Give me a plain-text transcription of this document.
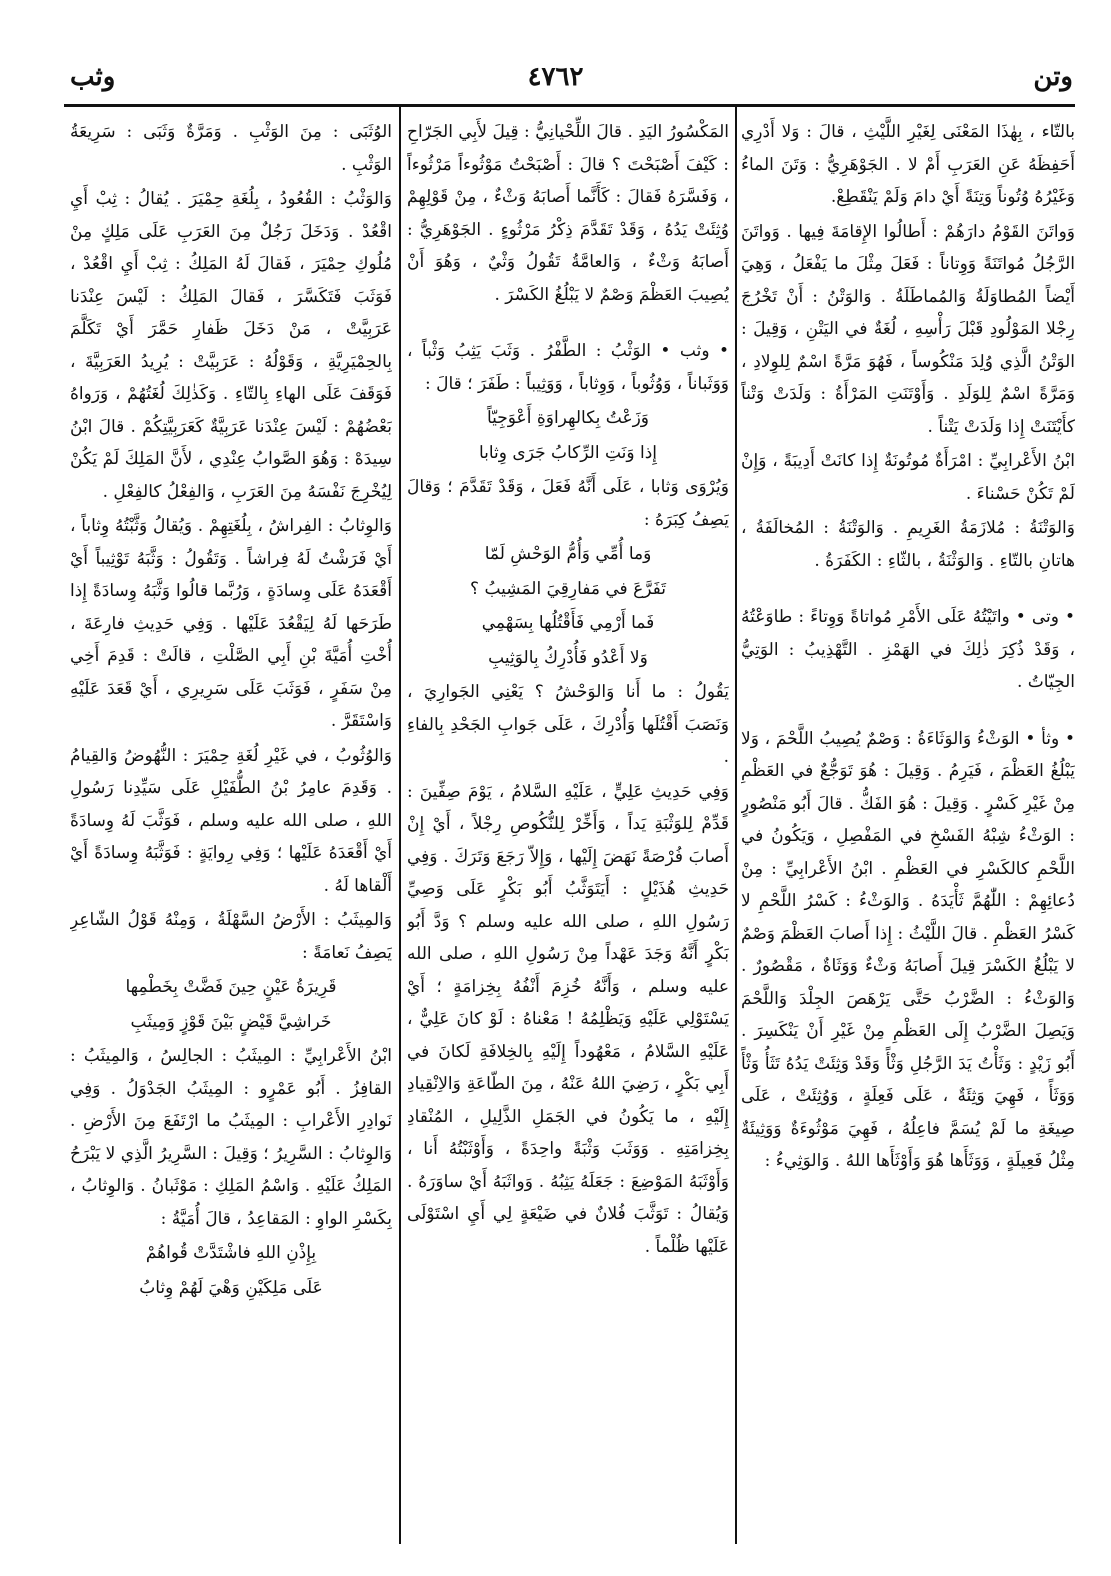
وتن
٤٧٦٢
وثب

بالتّاء ، بِهٰذَا المَعْنَى لِغَيْرِ اللَّيْثِ ، قالَ : وَلا أَدْرِي أَحَفِظَهُ عَنِ العَرَبِ أَمْ لا . الجَوْهَرِيُّ : وَتَنَ الماءُ وَغَيْرُهُ وُتُوناً وَتِنَةً أَيْ دامَ وَلَمْ يَنْقَطِعْ.

وَواتَنَ القَوْمُ دارَهُمْ : أَطالُوا الإِقامَةَ فِيها . وَواتَنَ الرَّجُلُ مُواتَنَةً وَوِتاناً : فَعَلَ مِثْلَ ما يَفْعَلُ ، وَهِيَ أَيْضاً المُطاوَلَةُ وَالمُماطَلَةُ . وَالوَتْنُ : أَنْ تَخْرُجَ رِجْلا المَوْلُودِ قَبْلَ رَأْسِهِ ، لُغَةٌ في اليَتْنِ ، وَقِيلَ : الوَتْنُ الَّذِي وُلِدَ مَنْكُوساً ، فَهُوَ مَرَّةً اسْمٌ لِلوِلادِ ، وَمَرَّةً اسْمٌ لِلوَلَدِ . وَأَوْتَنَتِ المَرْأَةُ : وَلَدَتْ وَتْناً كأَيْتَنَتْ إِذا وَلَدَتْ يَتْناً .

ابْنُ الأَعْرابِيِّ : امْرَأَةٌ مُوتُونَةٌ إِذا كانَتْ أَدِيبَةً ، وَإِنْ لَمْ تَكُنْ حَسْناءَ .

وَالوَتْنَةُ : مُلازَمَةُ الغَرِيمِ . وَالوَتْنَةُ : المُخالَفَةُ ، هاتانِ بالتّاءِ . وَالوَثْنَةُ ، بالثّاءِ : الكَفَرَةُ .

• وتى • واتَيْتُهُ عَلَى الأَمْرِ مُواتاةً وَوِتاءً : طاوَعْتُهُ ، وَقَدْ ذُكِرَ ذٰلِكَ في الهَمْزِ . التَّهْذِيبُ : الوَتِيُّ الجِيّاتُ .

• وثأ • الوَثْءُ وَالوَثَاءَةُ : وَصْمٌ يُصِيبُ اللَّحْمَ ، وَلا يَبْلُغُ العَظْمَ ، فَيَرِمُ . وَقِيلَ : هُوَ تَوَجُّعٌ في العَظْمِ مِنْ غَيْرِ كَسْرٍ . وَقِيلَ : هُوَ الفَكُّ . قالَ أَبُو مَنْصُورٍ : الوَثْءُ شِبْهُ الفَسْخِ في المَفْصِلِ ، وَيَكُونُ في اللَّحْمِ كالكَسْرِ في العَظْمِ . ابْنُ الأَعْرابِيِّ : مِنْ دُعائِهِمْ : اللّٰهُمَّ ثَأْيَدَهُ . وَالوَثْءُ : كَسْرُ اللَّحْمِ لا كَسْرُ العَظْمِ . قالَ اللَّيْثُ : إِذا أَصابَ العَظْمَ وَصْمٌ لا يَبْلُغُ الكَسْرَ قِيلَ أَصابَهُ وَثْءٌ وَوَثَاةٌ ، مَقْصُورٌ . وَالوَثْءُ : الضَّرْبُ حَتَّى يَرْهَصَ الجِلْدَ وَاللَّحْمَ وَيَصِلَ الضَّرْبُ إِلَى العَظْمِ مِنْ غَيْرِ أَنْ يَنْكَسِرَ . أَبُو زَيْدٍ : وَثَأْتُ يَدَ الرَّجُلِ وَثْأً وَقَدْ وَثِئَتْ يَدُهُ تَثَأُ وَثْأً وَوَثَأً ، فَهِيَ وَثِئَةٌ ، عَلَى فَعِلَةٍ ، وَوُثِئَتْ ، عَلَى صِيغَةِ ما لَمْ يُسَمَّ فاعِلُهُ ، فَهِيَ مَوْثُوءَةٌ وَوَثِيئَةٌ مِثْلُ فَعِيلَةٍ ، وَوَثَأَها هُوَ وَأَوْثَأَها اللهُ . وَالوَثِيءُ :

المَكْسُورُ اليَدِ . قالَ اللِّحْيانِيُّ : قِيلَ لأَبِي الجَرّاحِ : كَيْفَ أَصْبَحْتَ ؟ قالَ : أَصْبَحْتُ مَوْثُوءاً مَرْثُوءاً ، وَفَسَّرَهُ فَقالَ : كَأَنَّما أَصابَهُ وَثْءٌ ، مِنْ قَوْلِهِمْ وُثِئَتْ يَدُهُ ، وَقَدْ تَقَدَّمَ ذِكْرُ مَرْثُوءٍ . الجَوْهَرِيُّ : أَصابَهُ وَثْءٌ ، وَالعامَّةُ تَقُولُ وَثْيٌ ، وَهُوَ أَنْ يُصِيبَ العَظْمَ وَصْمٌ لا يَبْلُغُ الكَسْرَ .

• وثب • الوَثْبُ : الطَّفْرُ . وَثَبَ يَثِبُ وَثْباً ، وَوَثَباناً ، وَوُثُوباً ، وَوِثاباً ، وَوَثِيباً : طَفَرَ ؛ قالَ :

وَزَعْتُ بِكالهِراوَةِ أَعْوَجِيّاً

إِذا وَنَتِ الرِّكابُ جَرَى وِثابا

وَيُرْوَى وَثابا ، عَلَى أَنَّهُ فَعَلَ ، وَقَدْ تَقَدَّمَ ؛ وَقالَ يَصِفُ كِبَرَهُ :

وَما أُمِّي وَأُمُّ الوَحْشِ لَمّا

تَفَرَّعَ في مَفارِقِيَ المَشِيبُ ؟

فَما أَرْمِي فَأَقْتُلُها بِسَهْمِي

وَلا أَعْدُو فَأُدْرِكُ بِالوَثِيبِ

يَقُولُ : ما أَنا وَالوَحْشُ ؟ يَعْنِي الجَوارِيَ ، وَنَصَبَ أَقْتُلَها وَأُدْرِكَ ، عَلَى جَوابِ الجَحْدِ بِالفاءِ .

وَفِي حَدِيثِ عَلِيٍّ ، عَلَيْهِ السَّلامُ ، يَوْمَ صِفِّينَ : قَدِّمْ لِلوَثْبَةِ يَداً ، وَأَخِّرْ لِلنُّكُوصِ رِجْلاً ، أَيْ إِنْ أَصابَ فُرْصَةً نَهَضَ إِلَيْها ، وَإِلاّ رَجَعَ وَتَرَكَ . وَفِي حَدِيثِ هُذَيْلٍ : أَيَتَوَثَّبُ أَبُو بَكْرٍ عَلَى وَصِيِّ رَسُولِ اللهِ ، صلى الله عليه وسلم ؟ وَدَّ أَبُو بَكْرٍ أَنَّهُ وَجَدَ عَهْداً مِنْ رَسُولِ اللهِ ، صلى الله عليه وسلم ، وَأَنَّهُ خُزِمَ أَنْفُهُ بِخِزامَةٍ ؛ أَيْ يَسْتَوْلِي عَلَيْهِ وَيَظْلِمُهُ ! مَعْناهُ : لَوْ كانَ عَلِيٌّ ، عَلَيْهِ السَّلامُ ، مَعْهُوداً إِلَيْهِ بِالخِلافَةِ لَكانَ في أَبِي بَكْرٍ ، رَضِيَ اللهُ عَنْهُ ، مِنَ الطّاعَةِ وَالاِنْقِيادِ إِلَيْهِ ، ما يَكُونُ في الجَمَلِ الذَّلِيلِ ، المُنْقادِ بِخِزامَتِهِ . وَوَثَبَ وَثْبَةً واحِدَةً ، وَأَوْثَبْتُهُ أَنا ، وَأَوْثَبَهُ المَوْضِعَ : جَعَلَهُ يَثِبُهُ . وَواثَبَهُ أَيْ ساوَرَهُ . وَيُقالُ : تَوَثَّبَ فُلانٌ في ضَيْعَةٍ لِي أَيِ اسْتَوْلَى عَلَيْها ظُلْماً .

الوُثَبَى : مِنَ الوَثْبِ . وَمَرَّةٌ وَثَبَى : سَرِيعَةُ الوَثْبِ .

وَالوَثْبُ : القُعُودُ ، بِلُغَةِ حِمْيَرَ . يُقالُ : ثِبْ أَيِ اقْعُدْ . وَدَخَلَ رَجُلٌ مِنَ العَرَبِ عَلَى مَلِكٍ مِنْ مُلُوكِ حِمْيَرَ ، فَقالَ لَهُ المَلِكُ : ثِبْ أَيِ اقْعُدْ ، فَوَثَبَ فَتَكَسَّرَ ، فَقالَ المَلِكُ : لَيْسَ عِنْدَنا عَرَبِيَّتْ ، مَنْ دَخَلَ ظَفارِ حَمَّرَ أَيْ تَكَلَّمَ بِالحِمْيَرِيَّةِ ، وَقَوْلُهُ : عَرَبِيَّتْ : يُرِيدُ العَرَبِيَّةَ ، فَوَقَفَ عَلَى الهاءِ بِالتّاءِ . وَكَذٰلِكَ لُغَتُهُمْ ، وَرَواهُ بَعْضُهُمْ : لَيْسَ عِنْدَنا عَرَبِيَّةٌ كَعَرَبِيَّتِكُمْ . قالَ ابْنُ سِيدَهْ : وَهُوَ الصَّوابُ عِنْدِي ، لأَنَّ المَلِكَ لَمْ يَكُنْ لِيُخْرِجَ نَفْسَهُ مِنَ العَرَبِ ، وَالفِعْلُ كالفِعْلِ .

وَالوِثابُ : الفِراشُ ، بِلُغَتِهِمْ . وَيُقالُ وَثَّبْتُهُ وِثاباً ، أَيْ فَرَشْتُ لَهُ فِراشاً . وَتَقُولُ : وَثَّبَهُ تَوْثِيباً أَيْ أَقْعَدَهُ عَلَى وِسادَةٍ ، وَرُبَّما قالُوا وَثَّبَهُ وِسادَةً إِذا طَرَحَها لَهُ لِيَقْعُدَ عَلَيْها . وَفِي حَدِيثِ فارِعَةَ ، أُخْتِ أُمَيَّةَ بْنِ أَبِي الصَّلْتِ ، قالَتْ : قَدِمَ أَخِي مِنْ سَفَرٍ ، فَوَثَبَ عَلَى سَرِيرِي ، أَيْ قَعَدَ عَلَيْهِ وَاسْتَقَرَّ .

وَالوُثُوبُ ، في غَيْرِ لُغَةِ حِمْيَرَ : النُّهُوضُ وَالقِيامُ . وَقَدِمَ عامِرُ بْنُ الطُّفَيْلِ عَلَى سَيِّدِنا رَسُولِ اللهِ ، صلى الله عليه وسلم ، فَوَثَّبَ لَهُ وِسادَةً أَيْ أَقْعَدَهُ عَلَيْها ؛ وَفِي رِوايَةٍ : فَوَثَّبَهُ وِسادَةً أَيْ أَلْقاها لَهُ .

وَالمِيثَبُ : الأَرْضُ السَّهْلَةُ ، وَمِنْهُ قَوْلُ الشّاعِرِ يَصِفُ نَعامَةً :

قَرِيرَةُ عَيْنٍ حِينَ فَضَّتْ بِخَطْمِها

خَراشِيَّ قَيْضٍ بَيْنَ قَوْزٍ وَمِيثَبِ

ابْنُ الأَعْرابِيِّ : المِيثَبُ : الجالِسُ ، وَالمِيثَبُ : القافِزُ . أَبُو عَمْرٍو : المِيثَبُ الجَدْوَلُ . وَفِي نَوادِرِ الأَعْرابِ : المِيثَبُ ما ارْتَفَعَ مِنَ الأَرْضِ . وَالوِثابُ : السَّرِيرُ ؛ وَقِيلَ : السَّرِيرُ الَّذِي لا يَبْرَحُ المَلِكُ عَلَيْهِ . وَاسْمُ المَلِكِ : مَوْثَبانُ . وَالوِثابُ ، بِكَسْرِ الواوِ : المَقاعِدُ ، قالَ أُمَيَّةُ :

بِإِذْنِ اللهِ فاشْتَدَّتْ قُواهُمْ

عَلَى مَلِكَيْنِ وَهْيَ لَهُمْ وِثابُ
